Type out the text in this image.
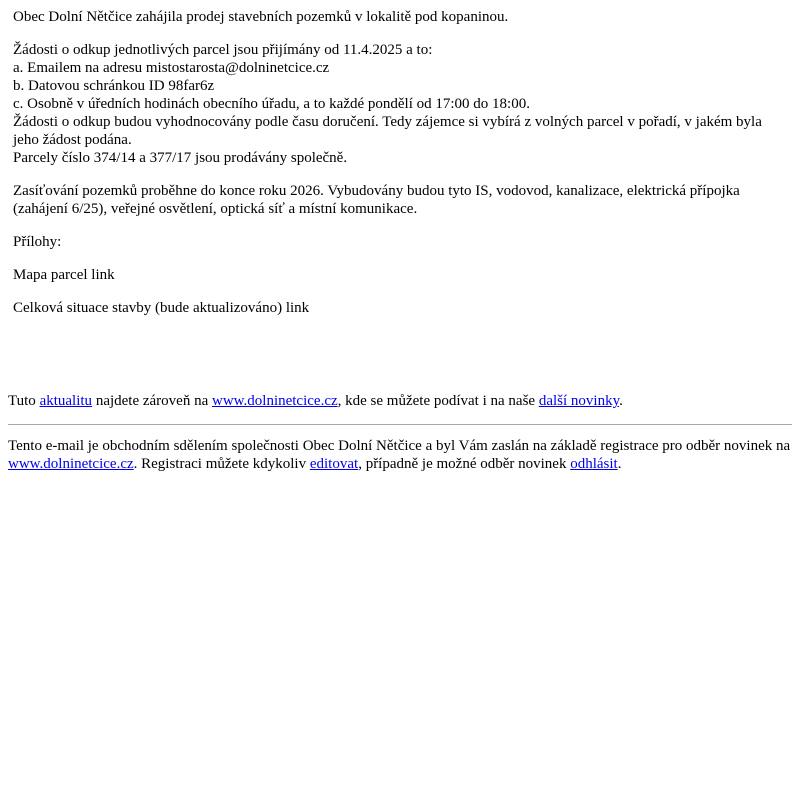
Obec Dolní Nětčice zahájila prodej stavebních pozemků v lokalitě pod kopaninou.

Žádosti o odkup jednotlivých parcel jsou přijímány od 11.4.2025 a to:
a. Emailem na adresu mistostarosta@dolninetcice.cz
b. Datovou schránkou ID 98far6z
c. Osobně v úředních hodinách obecního úřadu, a to každé pondělí od 17:00 do 18:00.
Žádosti o odkup budou vyhodnocovány podle času doručení. Tedy zájemce si vybírá z volných parcel v pořadí, v jakém byla jeho žádost podána.
Parcely číslo 374/14 a 377/17 jsou prodávány společně.

Zasíťování pozemků proběhne do konce roku 2026. Vybudovány budou tyto IS, vodovod, kanalizace, elektrická přípojka (zahájení 6/25), veřejné osvětlení, optická síť a místní komunikace.

Přílohy:

Mapa parcel link

Celková situace stavby (bude aktualizováno) link

Tuto aktualitu najdete zároveň na www.dolninetcice.cz, kde se můžete podívat i na naše další novinky.

Tento e-mail je obchodním sdělením společnosti Obec Dolní Nětčice a byl Vám zaslán na základě registrace pro odběr novinek na www.dolninetcice.cz. Registraci můžete kdykoliv editovat, případně je možné odběr novinek odhlásit.
